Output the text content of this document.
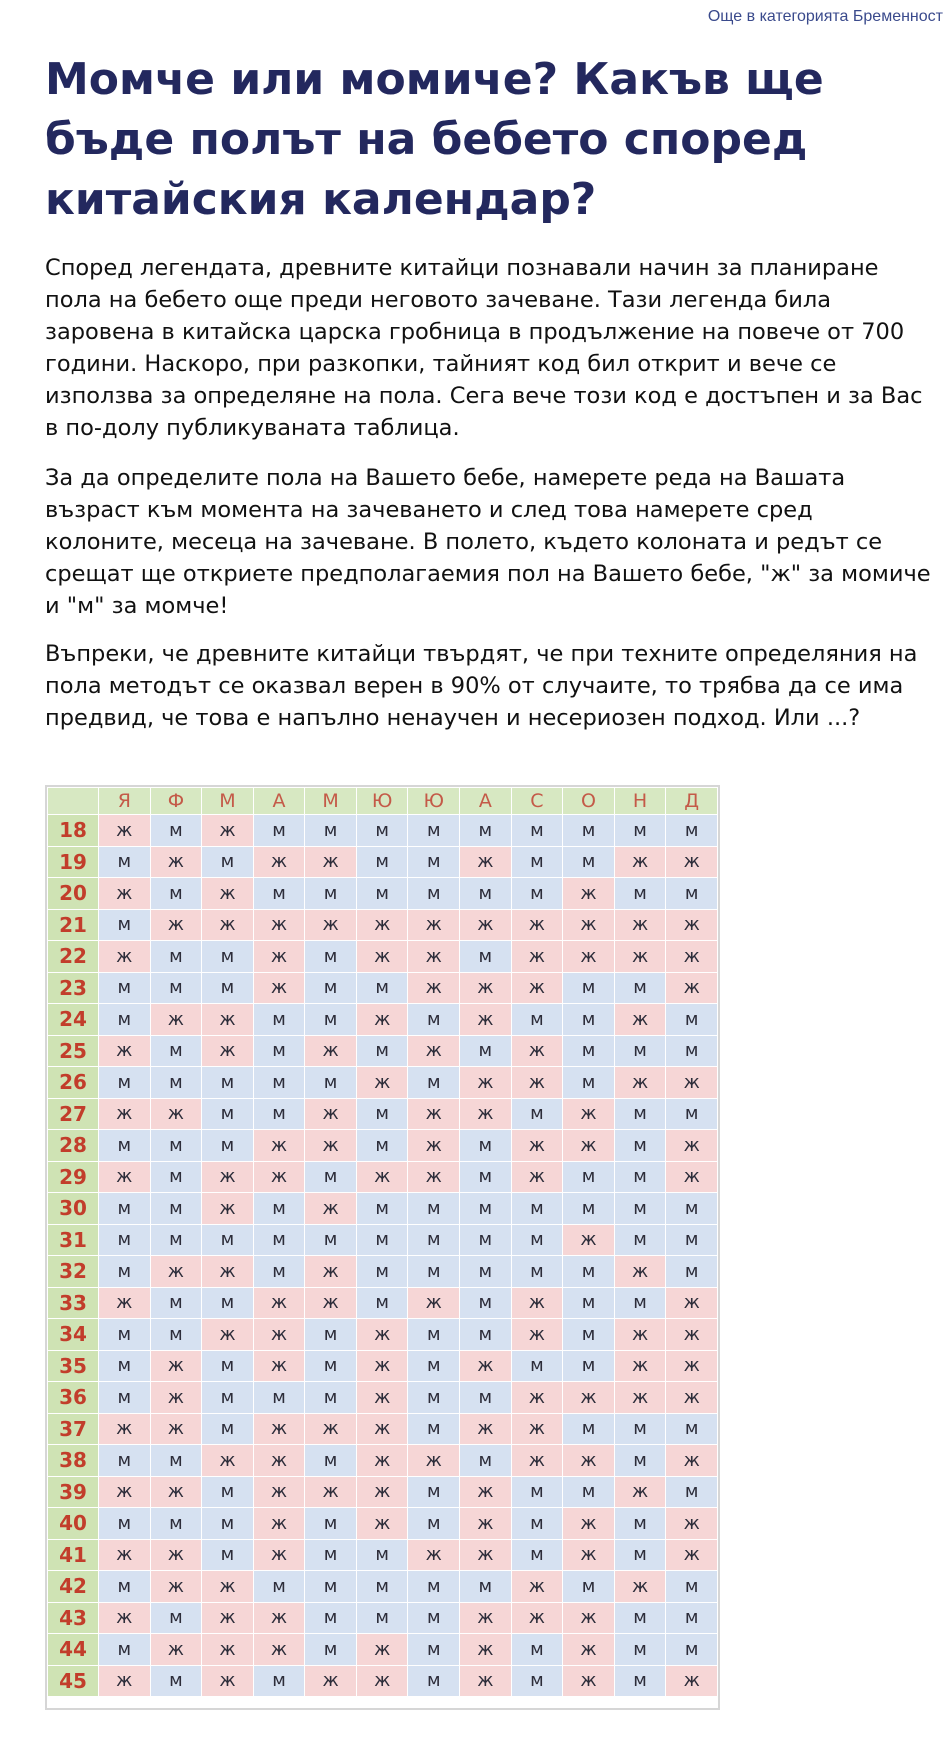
Още в категорията Бременност
Момче или момиче? Какъв ще бъде полът на бебето според китайския календар?

Според легендата, древните китайци познавали начин за планиране пола на бебето още преди неговото зачеване. Тази легенда била заровена в китайска царска гробница в продължение на повече от 700 години. Наскоро, при разкопки, тайният код бил открит и вече се използва за определяне на пола. Сега вече този код е достъпен и за Вас в по-долу публикуваната таблица.

За да определите пола на Вашето бебе, намерете реда на Вашата възраст към момента на зачеването и след това намерете сред колоните, месеца на зачеване. В полето, където колоната и редът се срещат ще откриете предполагаемия пол на Вашето бебе, "ж" за момиче и "м" за момче!

Въпреки, че древните китайци твърдят, че при техните определяния на пола методът се оказвал верен в 90% от случаите, то трябва да се има предвид, че това е напълно ненаучен и несериозен подход. Или ...?

	Я	Ф	М	А	М	Ю	Ю	А	С	О	Н	Д
18	ж	м	ж	м	м	м	м	м	м	м	м	м
19	м	ж	м	ж	ж	м	м	ж	м	м	ж	ж
20	ж	м	ж	м	м	м	м	м	м	ж	м	м
21	м	ж	ж	ж	ж	ж	ж	ж	ж	ж	ж	ж
22	ж	м	м	ж	м	ж	ж	м	ж	ж	ж	ж
23	м	м	м	ж	м	м	ж	ж	ж	м	м	ж
24	м	ж	ж	м	м	ж	м	ж	м	м	ж	м
25	ж	м	ж	м	ж	м	ж	м	ж	м	м	м
26	м	м	м	м	м	ж	м	ж	ж	м	ж	ж
27	ж	ж	м	м	ж	м	ж	ж	м	ж	м	м
28	м	м	м	ж	ж	м	ж	м	ж	ж	м	ж
29	ж	м	ж	ж	м	ж	ж	м	ж	м	м	ж
30	м	м	ж	м	ж	м	м	м	м	м	м	м
31	м	м	м	м	м	м	м	м	м	ж	м	м
32	м	ж	ж	м	ж	м	м	м	м	м	ж	м
33	ж	м	м	ж	ж	м	ж	м	ж	м	м	ж
34	м	м	ж	ж	м	ж	м	м	ж	м	ж	ж
35	м	ж	м	ж	м	ж	м	ж	м	м	ж	ж
36	м	ж	м	м	м	ж	м	м	ж	ж	ж	ж
37	ж	ж	м	ж	ж	ж	м	ж	ж	м	м	м
38	м	м	ж	ж	м	ж	ж	м	ж	ж	м	ж
39	ж	ж	м	ж	ж	ж	м	ж	м	м	ж	м
40	м	м	м	ж	м	ж	м	ж	м	ж	м	ж
41	ж	ж	м	ж	м	м	ж	ж	м	ж	м	ж
42	м	ж	ж	м	м	м	м	м	ж	м	ж	м
43	ж	м	ж	ж	м	м	м	ж	ж	ж	м	м
44	м	ж	ж	ж	м	ж	м	ж	м	ж	м	м
45	ж	м	ж	м	ж	ж	м	ж	м	ж	м	ж
